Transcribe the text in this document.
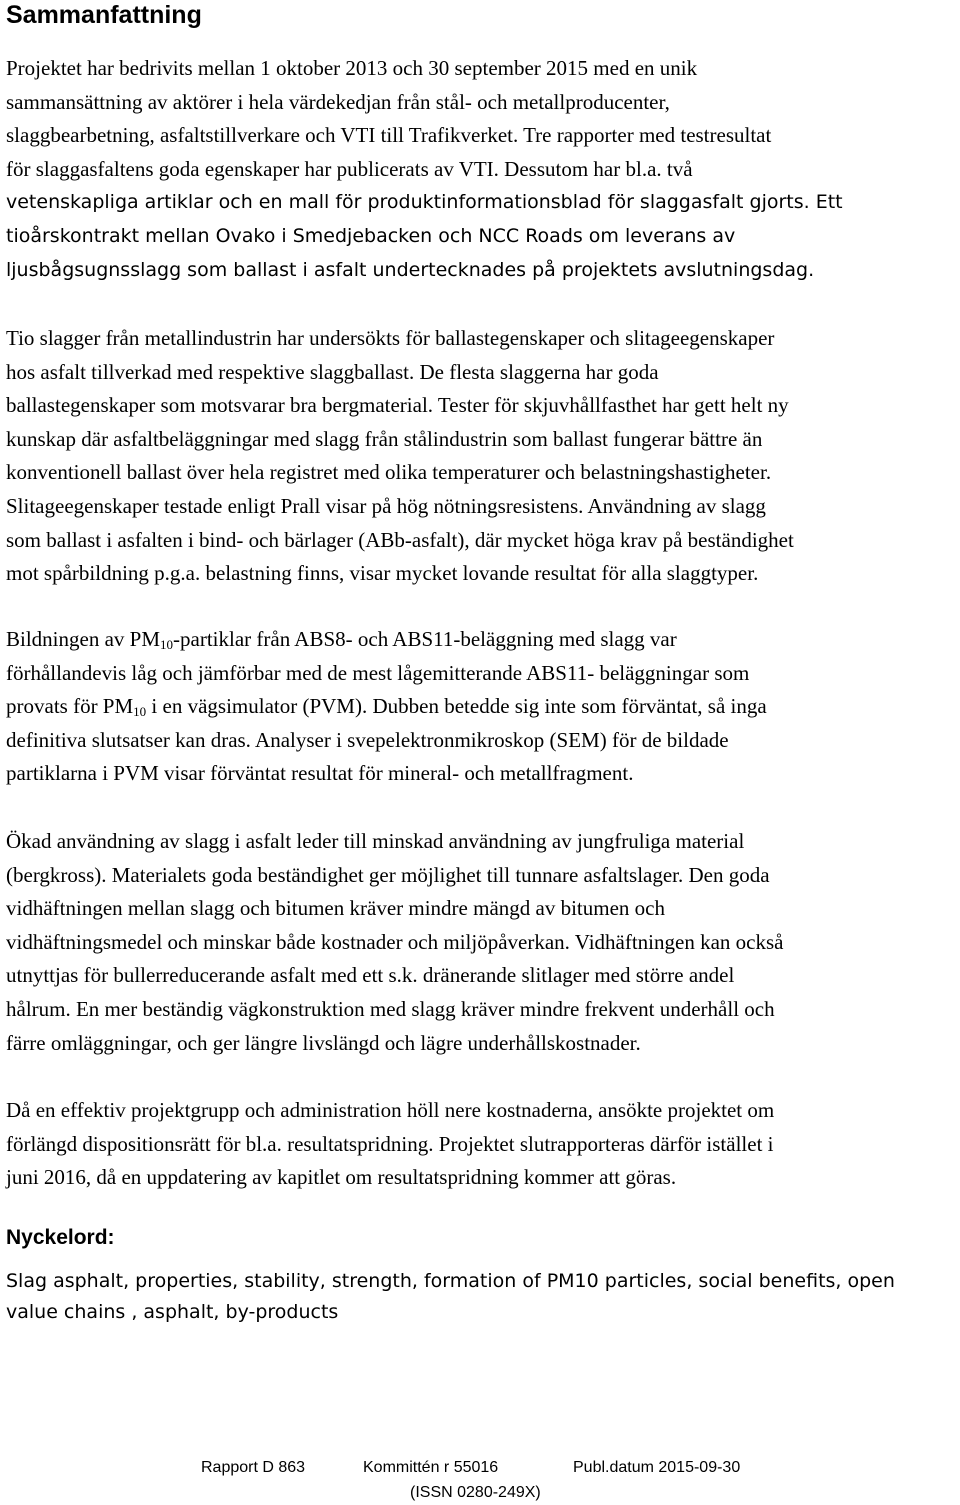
Sammanfattning

Projektet har bedrivits mellan 1 oktober 2013 och 30 september 2015 med en unik
sammansättning av aktörer i hela värdekedjan från stål- och metallproducenter,
slaggbearbetning, asfaltstillverkare och VTI till Trafikverket. Tre rapporter med testresultat
för slaggasfaltens goda egenskaper har publicerats av VTI. Dessutom har bl.a. två
vetenskapliga artiklar och en mall för produktinformationsblad för slaggasfalt gjorts. Ett
tioårskontrakt mellan Ovako i Smedjebacken och NCC Roads om leverans av
ljusbågsugnsslagg som ballast i asfalt undertecknades på projektets avslutningsdag.

Tio slagger från metallindustrin har undersökts för ballastegenskaper och slitageegenskaper
hos asfalt tillverkad med respektive slaggballast. De flesta slaggerna har goda
ballastegenskaper som motsvarar bra bergmaterial. Tester för skjuvhållfasthet har gett helt ny
kunskap där asfaltbeläggningar med slagg från stålindustrin som ballast fungerar bättre än
konventionell ballast över hela registret med olika temperaturer och belastningshastigheter.
Slitageegenskaper testade enligt Prall visar på hög nötningsresistens. Användning av slagg
som ballast i asfalten i bind- och bärlager (ABb-asfalt), där mycket höga krav på beständighet
mot spårbildning p.g.a. belastning finns, visar mycket lovande resultat för alla slaggtyper.

Bildningen av $PM_{10}$-partiklar från ABS8- och ABS11-beläggning med slagg var
förhållandevis låg och jämförbar med de mest lågemitterande ABS11- beläggningar som
provats för $PM_{10}$ i en vägsimulator (PVM). Dubben betedde sig inte som förväntat, så inga
definitiva slutsatser kan dras. Analyser i svepelektronmikroskop (SEM) för de bildade
partiklarna i PVM visar förväntat resultat för mineral- och metallfragment.

Ökad användning av slagg i asfalt leder till minskad användning av jungfruliga material
(bergkross). Materialets goda beständighet ger möjlighet till tunnare asfaltslager. Den goda
vidhäftningen mellan slagg och bitumen kräver mindre mängd av bitumen och
vidhäftningsmedel och minskar både kostnader och miljöpåverkan. Vidhäftningen kan också
utnyttjas för bullerreducerande asfalt med ett s.k. dränerande slitlager med större andel
hålrum. En mer beständig vägkonstruktion med slagg kräver mindre frekvent underhåll och
färre omläggningar, och ger längre livslängd och lägre underhållskostnader.

Då en effektiv projektgrupp och administration höll nere kostnaderna, ansökte projektet om
förlängd dispositionsrätt för bl.a. resultatspridning. Projektet slutrapporteras därför istället i
juni 2016, då en uppdatering av kapitlet om resultatspridning kommer att göras.

Nyckelord:

Slag asphalt, properties, stability, strength, formation of PM10 particles, social benefits, open
value chains , asphalt, by-products

Rapport D 863	Kommittén r 55016	Publ.datum 2015-09-30
(ISSN 0280-249X)
